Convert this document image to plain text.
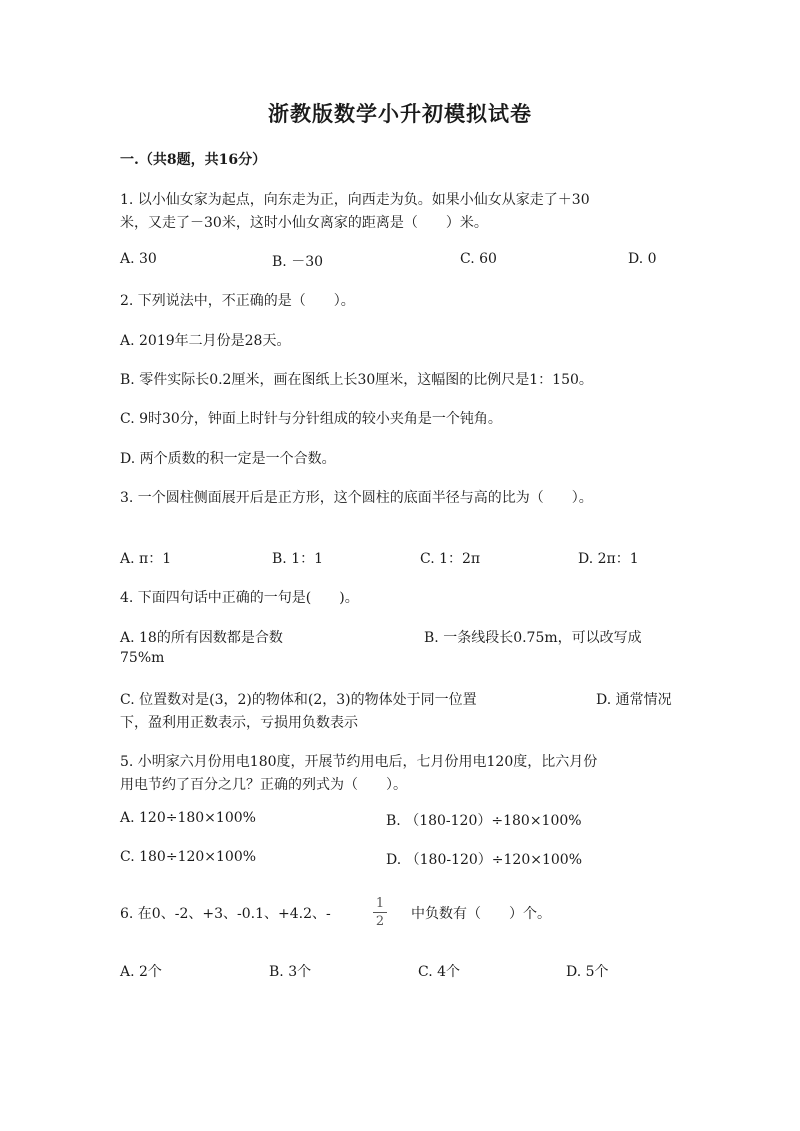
浙教版数学小升初模拟试卷
一.（共8题，共16分）
1. 以小仙女家为起点，向东走为正，向西走为负。如果小仙女从家走了＋30
米，又走了－30米，这时小仙女离家的距离是（　　）米。
A. 30	B. －30	C. 60	D. 0
2. 下列说法中，不正确的是（　　）。
A. 2019年二月份是28天。
B. 零件实际长0.2厘米，画在图纸上长30厘米，这幅图的比例尺是1：150。
C. 9时30分，钟面上时针与分针组成的较小夹角是一个钝角。
D. 两个质数的积一定是一个合数。
3. 一个圆柱侧面展开后是正方形，这个圆柱的底面半径与高的比为（　　）。
A. π：1	B. 1：1	C. 1：2π	D. 2π：1
4. 下面四句话中正确的一句是(　　)。
A. 18的所有因数都是合数	B. 一条线段长0.75m，可以改写成
75%m
C. 位置数对是(3，2)的物体和(2，3)的物体处于同一位置	D. 通常情况
下，盈利用正数表示，亏损用负数表示
5. 小明家六月份用电180度，开展节约用电后，七月份用电120度，比六月份
用电节约了百分之几？正确的列式为（　　）。
A. 120÷180×100%	B. （180-120）÷180×100%
C. 180÷120×100%	D. （180-120）÷120×100%
6. 在0、-2、+3、-0.1、+4.2、-
1
2	中负数有（　　）个。
A. 2个	B. 3个	C. 4个	D. 5个
